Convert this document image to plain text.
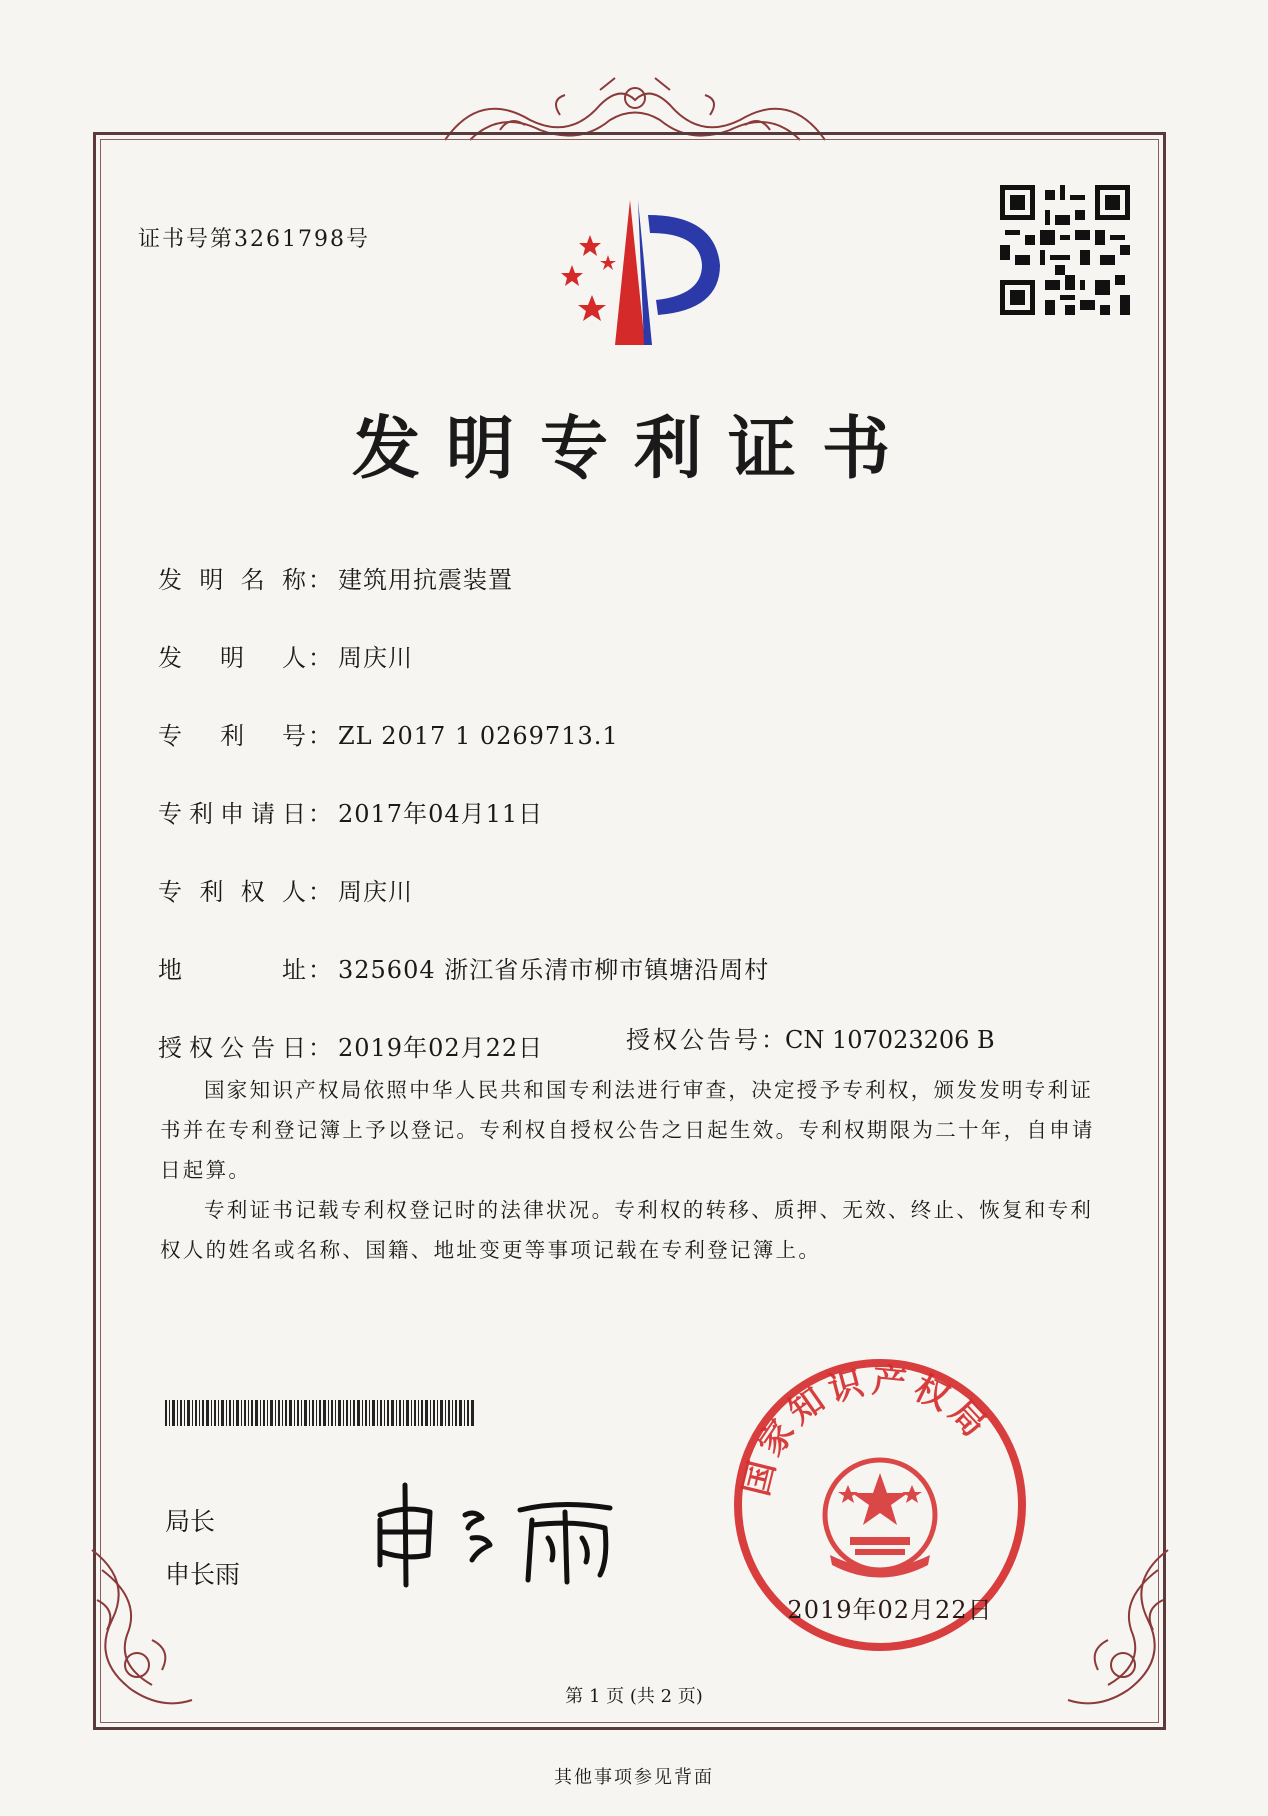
证书号第3261798号
发明专利证书
发明名称 ： 建筑用抗震装置
发明人 ： 周庆川
专利号 ： ZL 2017 1 0269713.1
专利申请日 ： 2017年04月11日
专利权人 ： 周庆川
地址 ： 325604 浙江省乐清市柳市镇塘沿周村
授权公告日 ： 2019年02月22日	授权公告号：CN 107023206 B
国家知识产权局依照中华人民共和国专利法进行审查，决定授予专利权，颁发发明专利证书并在专利登记簿上予以登记。专利权自授权公告之日起生效。专利权期限为二十年，自申请日起算。
专利证书记载专利权登记时的法律状况。专利权的转移、质押、无效、终止、恢复和专利权人的姓名或名称、国籍、地址变更等事项记载在专利登记簿上。
局长
申长雨
国家知识产权局
2019年02月22日
第 1 页 (共 2 页)
其他事项参见背面
